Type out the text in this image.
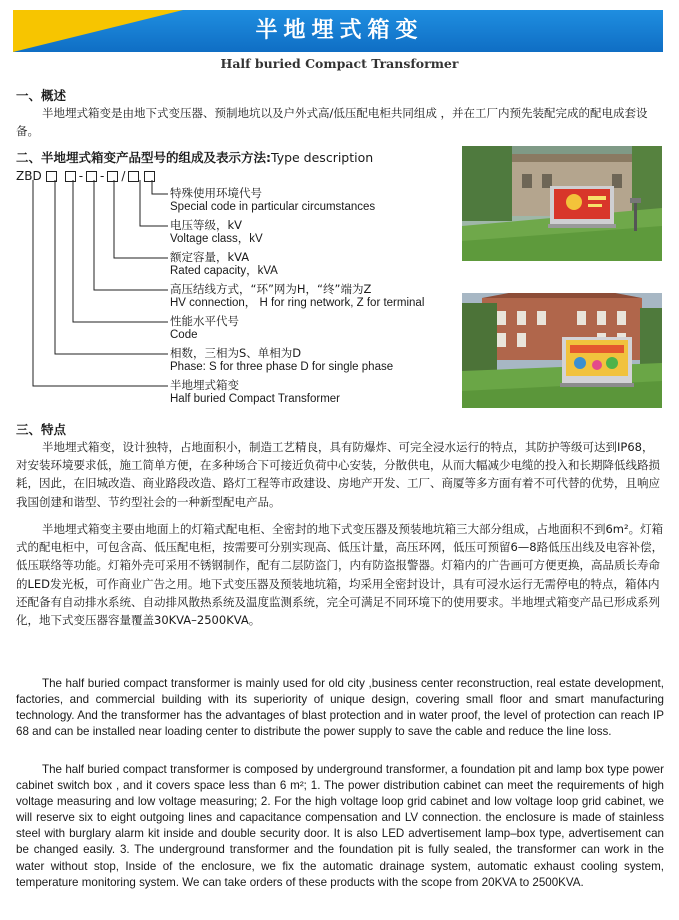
半地埋式箱变
Half buried Compact Transformer
一、概述
半地埋式箱变是由地下式变压器、预制地坑以及户外式高/低压配电柜共同组成 ，并在工厂内预先装配完成的配电成套设备。
二、半地埋式箱变产品型号的组成及表示方法:Type description
ZBD	- - /
特殊使用环境代号
Special code in particular circumstances
电压等级，kV
Voltage class，kV
额定容量，kVA
Rated capacity，kVA
高压结线方式，“环”网为H，“终”端为Z
HV connection， H for ring network, Z for terminal
性能水平代号
Code
相数，三相为S、单相为D
Phase: S for three phase D for single phase
半地埋式箱变
Half buried Compact Transformer
三、特点
半地埋式箱变，设计独特，占地面积小，制造工艺精良，具有防爆炸、可完全浸水运行的特点，其防护等级可达到IP68，对安装环境要求低，施工简单方便，在多种场合下可接近负荷中心安装，分散供电，从而大幅减少电缆的投入和长期降低线路损耗，因此，在旧城改造、商业路段改造、路灯工程等市政建设、房地产开发、工厂、商厦等多方面有着不可代替的优势，且响应我国创建和谐型、节约型社会的一种新型配电产品。
半地埋式箱变主要由地面上的灯箱式配电柜、全密封的地下式变压器及预装地坑箱三大部分组成，占地面积不到6m²。灯箱式的配电柜中，可包含高、低压配电柜，按需要可分别实现高、低压计量，高压环网，低压可预留6—8路低压出线及电容补偿，低压联络等功能。灯箱外壳可采用不锈钢制作，配有二层防盗门，内有防盗报警器。灯箱内的广告画可方便更换，高品质长寿命的LED发光板，可作商业广告之用。地下式变压器及预装地坑箱，均采用全密封设计，具有可浸水运行无需停电的特点，箱体内还配备有自动排水系统、自动排风散热系统及温度监测系统，完全可满足不同环境下的使用要求。半地埋式箱变产品已形成系列化，地下式变压器容量覆盖30KVA–2500KVA。
The half buried compact transformer is mainly used for old city ,business center reconstruction, real estate development, factories, and commercial building with its superiority of unique design, covering small floor and smart manufacturing technology. And the transformer has the advantages of blast protection and in water proof, the level of protection can reach IP 68 and can be installed near loading center to distribute the power supply to save the cable and reduce the line loss.
The half buried compact transformer is composed by underground transformer, a foundation pit and lamp box type power cabinet switch box , and it covers space less than 6 m²; 1. The power distribution cabinet can meet the requirements of high voltage measuring and low voltage measuring; 2. For the high voltage loop grid cabinet and low voltage loop grid cabinet, we will reserve six to eight outgoing lines and capacitance compensation and LV connection. the enclosure is made of stainless steel with burglary alarm kit inside and double security door. It is also LED advertisement lamp–box type, advertisement can be changed easily. 3. The underground transformer and the foundation pit is fully sealed, the transformer can work in the water without stop, Inside of the enclosure, we fix the automatic drainage system, automatic exhaust cooling system, temperature monitoring system. We can take orders of these products with the scope from 20KVA to 2500KVA.
